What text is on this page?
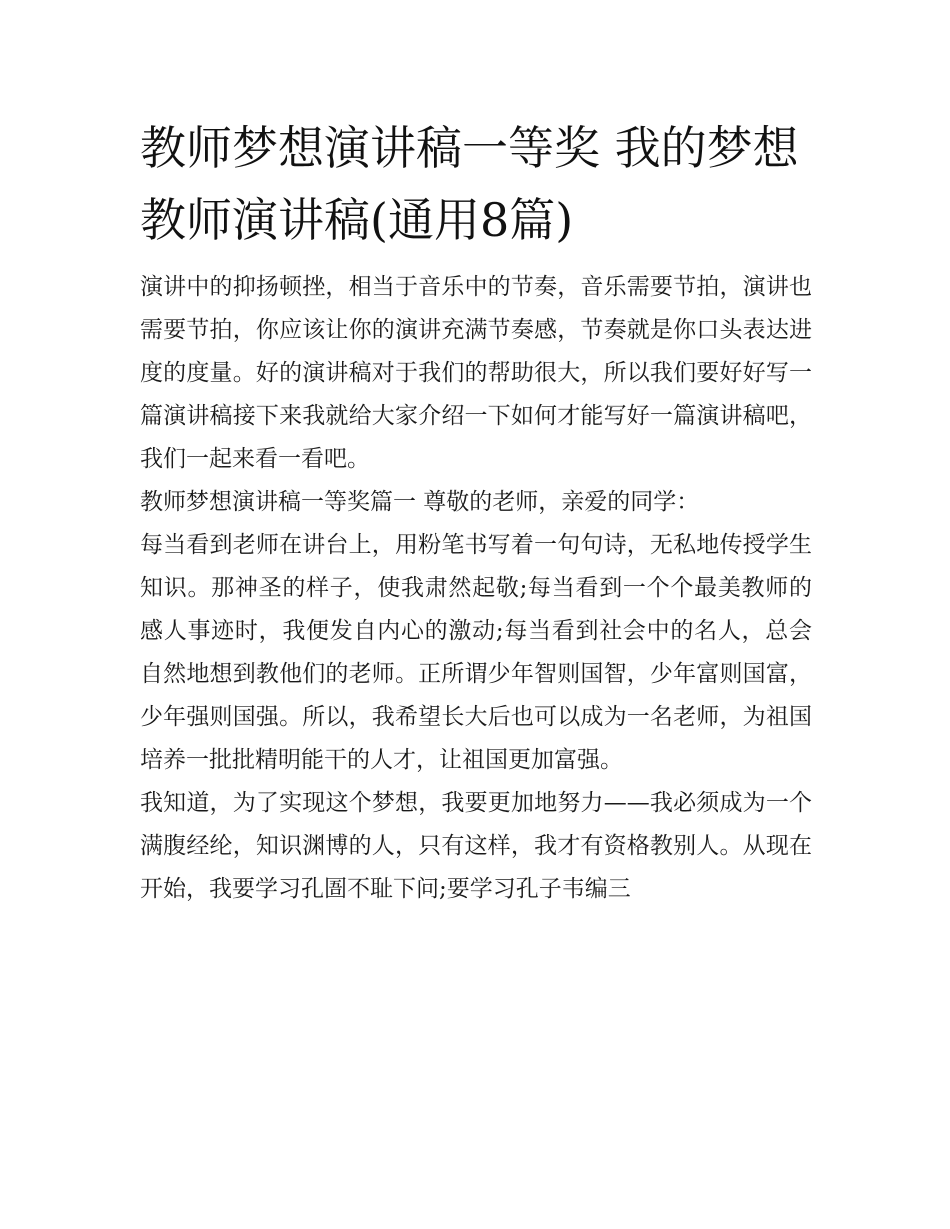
教师梦想演讲稿一等奖 我的梦想教师演讲稿(通用8篇)

演讲中的抑扬顿挫，相当于音乐中的节奏，音乐需要节拍，演讲也需要节拍，你应该让你的演讲充满节奏感，节奏就是你口头表达进度的度量。好的演讲稿对于我们的帮助很大，所以我们要好好写一篇演讲稿接下来我就给大家介绍一下如何才能写好一篇演讲稿吧，我们一起来看一看吧。

教师梦想演讲稿一等奖篇一 尊敬的老师，亲爱的同学：

每当看到老师在讲台上，用粉笔书写着一句句诗，无私地传授学生知识。那神圣的样子，使我肃然起敬;每当看到一个个最美教师的感人事迹时，我便发自内心的激动;每当看到社会中的名人，总会自然地想到教他们的老师。正所谓少年智则国智，少年富则国富，少年强则国强。所以，我希望长大后也可以成为一名老师，为祖国培养一批批精明能干的人才，让祖国更加富强。

我知道，为了实现这个梦想，我要更加地努力——我必须成为一个满腹经纶，知识渊博的人，只有这样，我才有资格教别人。从现在开始，我要学习孔圄不耻下问;要学习孔子韦编三
